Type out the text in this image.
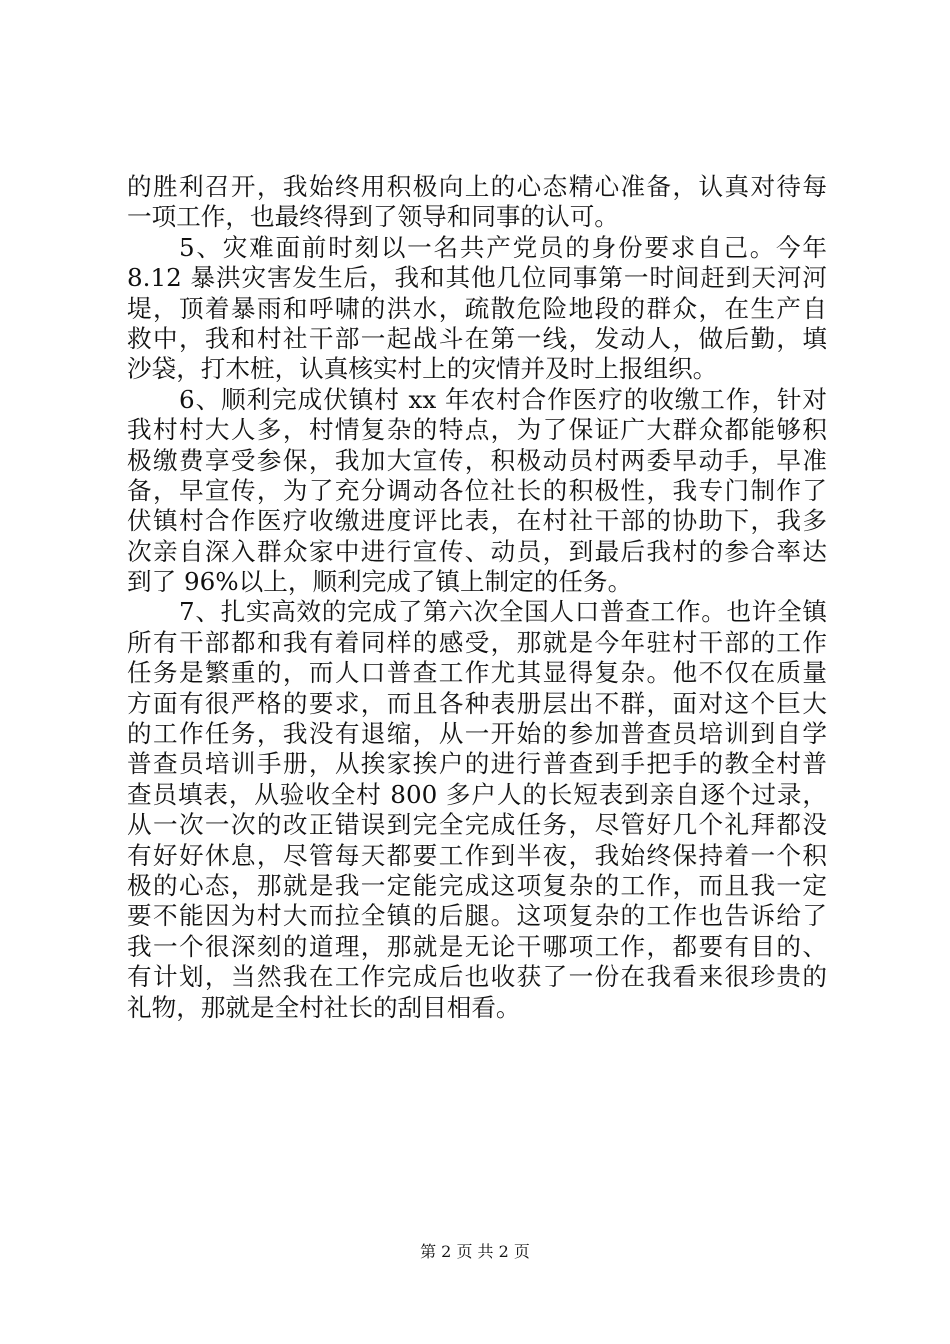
的胜利召开，我始终用积极向上的心态精心准备，认真对待每
一项工作，也最终得到了领导和同事的认可。
5、灾难面前时刻以一名共产党员的身份要求自己。今年
8.12 暴洪灾害发生后，我和其他几位同事第一时间赶到天河河
堤，顶着暴雨和呼啸的洪水，疏散危险地段的群众，在生产自
救中，我和村社干部一起战斗在第一线，发动人，做后勤，填
沙袋，打木桩，认真核实村上的灾情并及时上报组织。
6、顺利完成伏镇村 xx 年农村合作医疗的收缴工作，针对
我村村大人多，村情复杂的特点，为了保证广大群众都能够积
极缴费享受参保，我加大宣传，积极动员村两委早动手，早准
备，早宣传，为了充分调动各位社长的积极性，我专门制作了
伏镇村合作医疗收缴进度评比表，在村社干部的协助下，我多
次亲自深入群众家中进行宣传、动员，到最后我村的参合率达
到了 96%以上，顺利完成了镇上制定的任务。
7、扎实高效的完成了第六次全国人口普查工作。也许全镇
所有干部都和我有着同样的感受，那就是今年驻村干部的工作
任务是繁重的，而人口普查工作尤其显得复杂。他不仅在质量
方面有很严格的要求，而且各种表册层出不群，面对这个巨大
的工作任务，我没有退缩，从一开始的参加普查员培训到自学
普查员培训手册，从挨家挨户的进行普查到手把手的教全村普
查员填表，从验收全村 800 多户人的长短表到亲自逐个过录，
从一次一次的改正错误到完全完成任务，尽管好几个礼拜都没
有好好休息，尽管每天都要工作到半夜，我始终保持着一个积
极的心态，那就是我一定能完成这项复杂的工作，而且我一定
要不能因为村大而拉全镇的后腿。这项复杂的工作也告诉给了
我一个很深刻的道理，那就是无论干哪项工作，都要有目的、
有计划，当然我在工作完成后也收获了一份在我看来很珍贵的
礼物，那就是全村社长的刮目相看。
第 2 页 共 2 页
